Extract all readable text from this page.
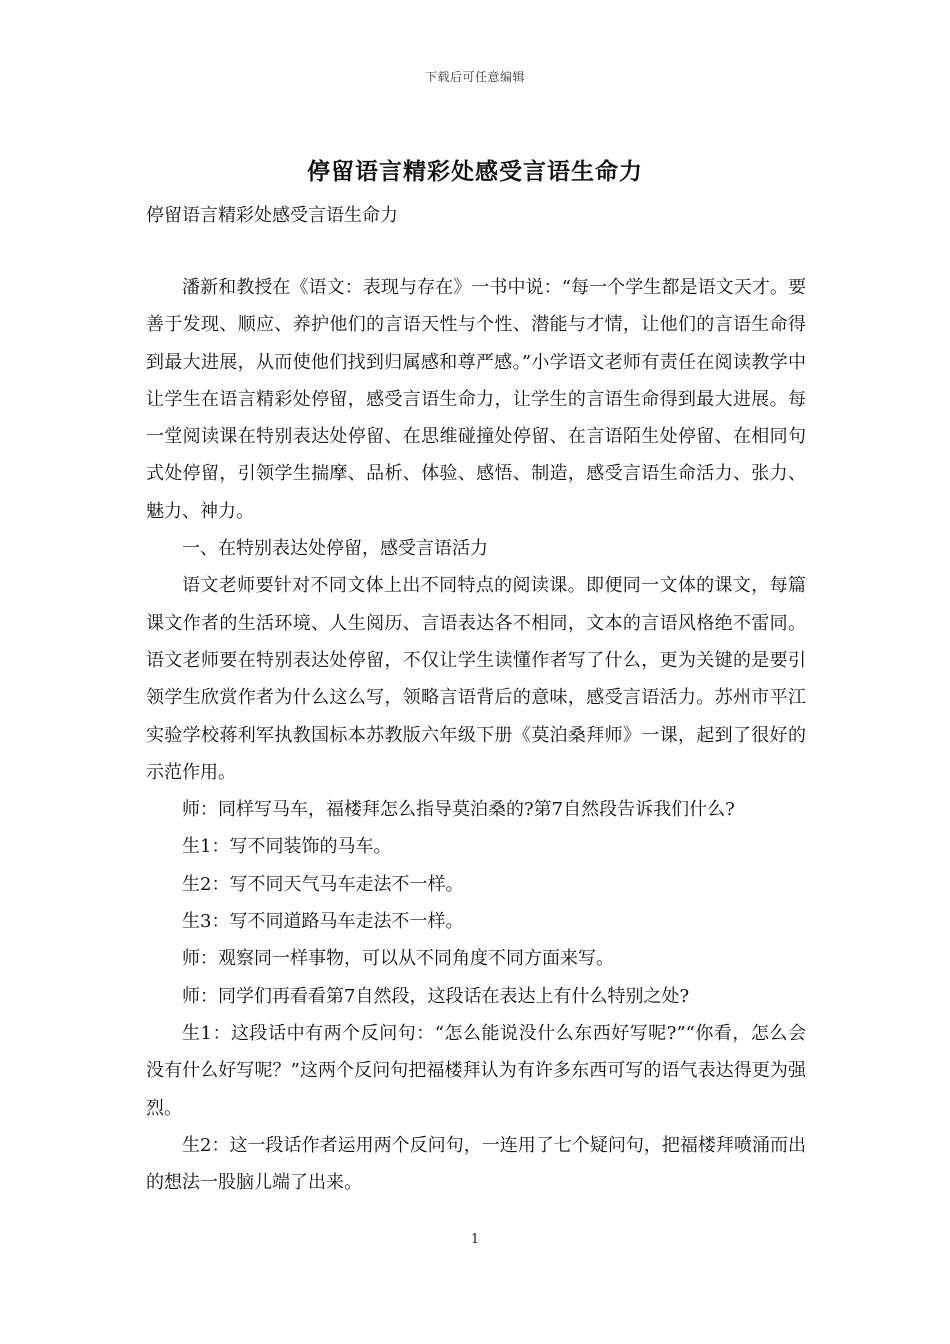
下载后可任意编辑
停留语言精彩处感受言语生命力
停留语言精彩处感受言语生命力

潘新和教授在《语文：表现与存在》一书中说：“每一个学生都是语文天才。要善于发现、顺应、养护他们的言语天性与个性、潜能与才情，让他们的言语生命得到最大进展，从而使他们找到归属感和尊严感。”小学语文老师有责任在阅读教学中让学生在语言精彩处停留，感受言语生命力，让学生的言语生命得到最大进展。每一堂阅读课在特别表达处停留、在思维碰撞处停留、在言语陌生处停留、在相同句式处停留，引领学生揣摩、品析、体验、感悟、制造，感受言语生命活力、张力、魅力、神力。

一、在特别表达处停留，感受言语活力

语文老师要针对不同文体上出不同特点的阅读课。即便同一文体的课文，每篇课文作者的生活环境、人生阅历、言语表达各不相同，文本的言语风格绝不雷同。语文老师要在特别表达处停留，不仅让学生读懂作者写了什么，更为关键的是要引领学生欣赏作者为什么这么写，领略言语背后的意味，感受言语活力。苏州市平江实验学校蒋利军执教国标本苏教版六年级下册《莫泊桑拜师》一课，起到了很好的示范作用。

师：同样写马车，福楼拜怎么指导莫泊桑的?第7自然段告诉我们什么?

生1：写不同装饰的马车。

生2：写不同天气马车走法不一样。

生3：写不同道路马车走法不一样。

师：观察同一样事物，可以从不同角度不同方面来写。

师：同学们再看看第7自然段，这段话在表达上有什么特别之处?

生1：这段话中有两个反问句：“怎么能说没什么东西好写呢?”“你看，怎么会没有什么好写呢？”这两个反问句把福楼拜认为有许多东西可写的语气表达得更为强烈。

生2：这一段话作者运用两个反问句，一连用了七个疑问句，把福楼拜喷涌而出的想法一股脑儿端了出来。

1
